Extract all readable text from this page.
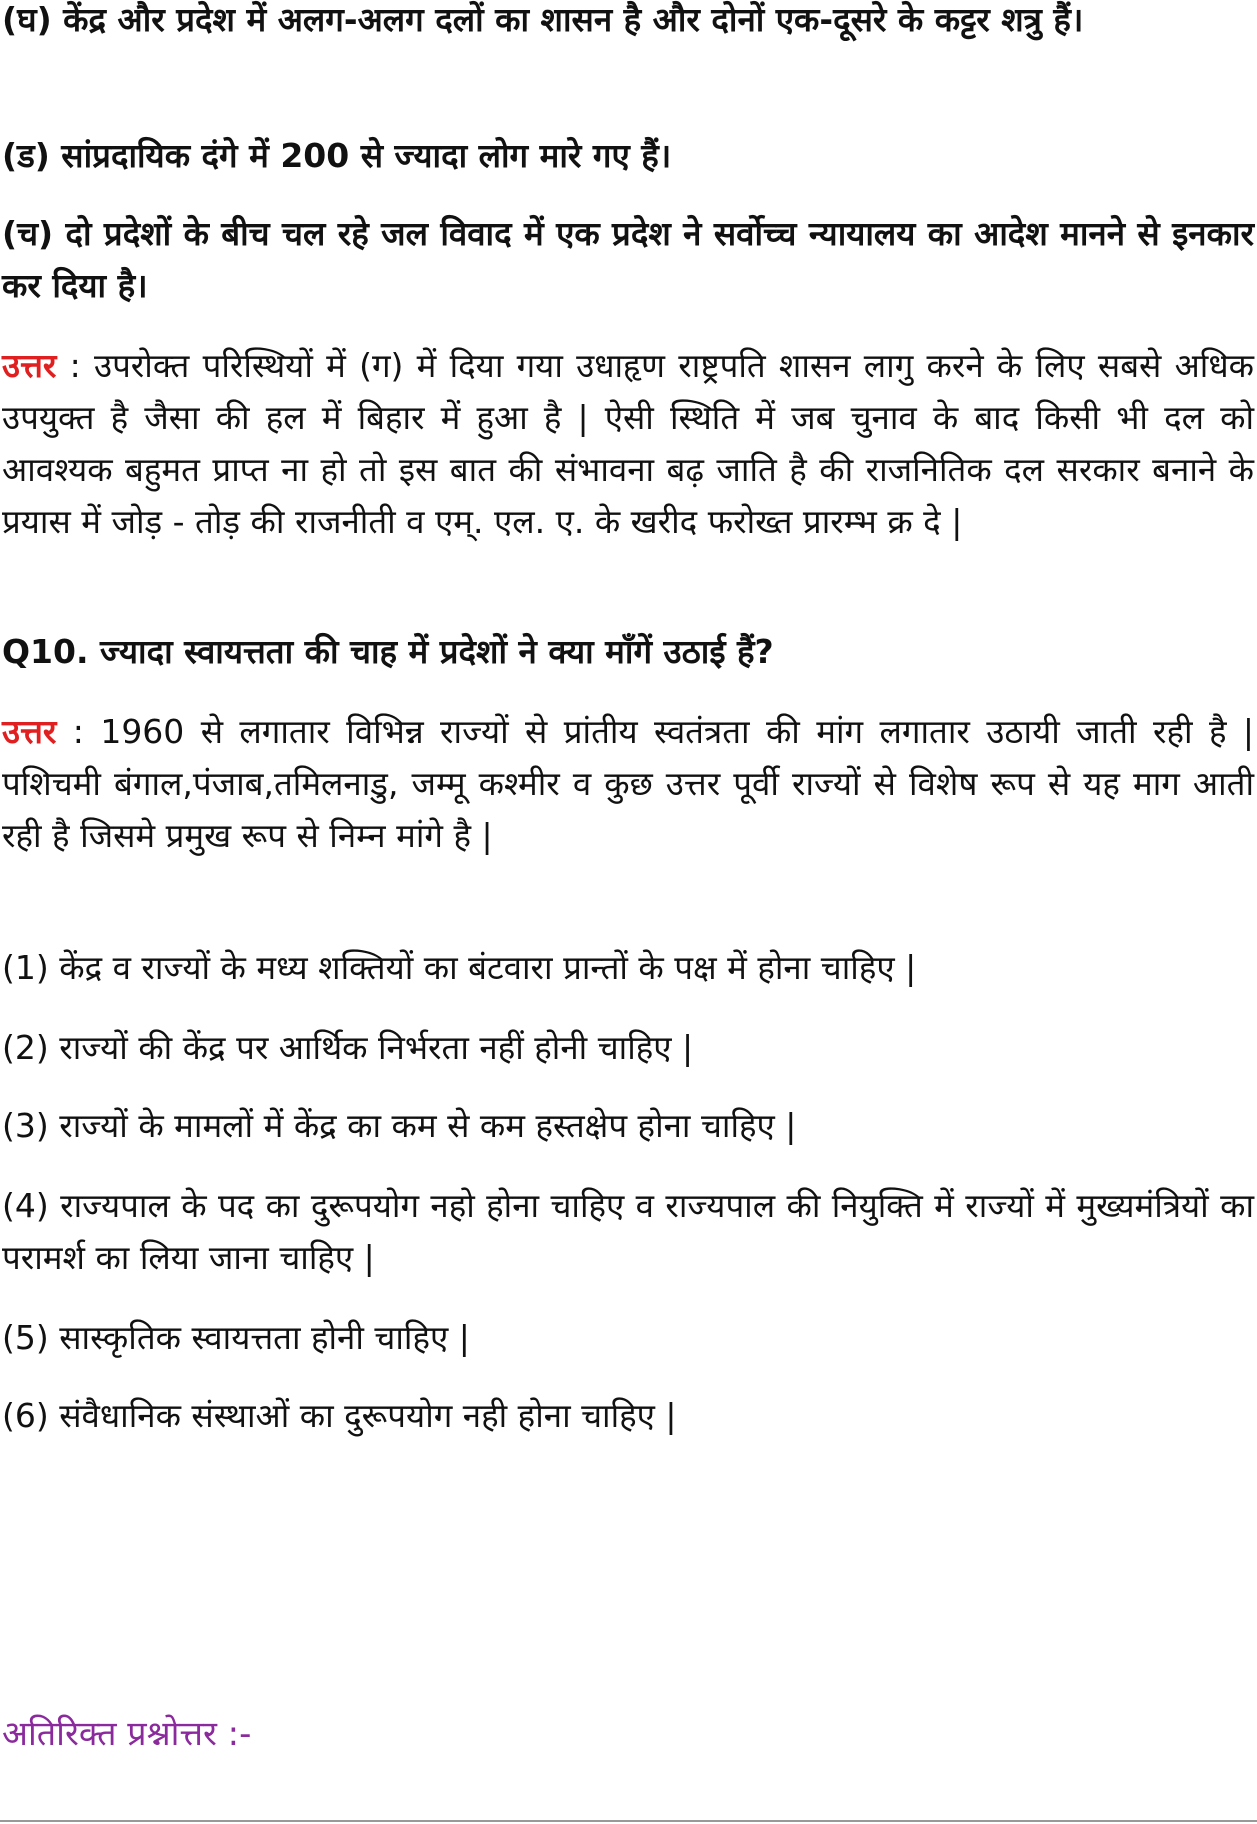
(घ) केंद्र और प्रदेश में अलग-अलग दलों का शासन है और दोनों एक-दूसरे के कट्टर शत्रु हैं।

(ड) सांप्रदायिक दंगे में 200 से ज्यादा लोग मारे गए हैं।

(च) दो प्रदेशों के बीच चल रहे जल विवाद में एक प्रदेश ने सर्वोच्च न्यायालय का आदेश मानने से इनकार कर दिया है।

उत्तर : उपरोक्त परिस्थियों में (ग) में दिया गया उधाहृण राष्ट्रपति शासन लागु करने के लिए सबसे अधिक उपयुक्त है जैसा की हल में बिहार में हुआ है | ऐसी स्थिति में जब चुनाव के बाद किसी भी दल को आवश्यक बहुमत प्राप्त ना हो तो इस बात की संभावना बढ़ जाति है की राजनितिक दल सरकार बनाने के प्रयास में जोड़ - तोड़ की राजनीती व एम्. एल. ए. के खरीद फरोख्त प्रारम्भ क्र दे |

Q10. ज्यादा स्वायत्तता की चाह में प्रदेशों ने क्या माँगें उठाई हैं?

उत्तर : 1960 से लगातार विभिन्न राज्यों से प्रांतीय स्वतंत्रता की मांग लगातार उठायी जाती रही है | पशिचमी बंगाल,पंजाब,तमिलनाडु, जम्मू कश्मीर व कुछ उत्तर पूर्वी राज्यों से विशेष रूप से यह माग आती रही है जिसमे प्रमुख रूप से निम्न मांगे है |

(1) केंद्र व राज्यों के मध्य शक्तियों का बंटवारा प्रान्तों के पक्ष में होना चाहिए |

(2) राज्यों की केंद्र पर आर्थिक निर्भरता नहीं होनी चाहिए |

(3) राज्यों के मामलों में केंद्र का कम से कम हस्तक्षेप होना चाहिए |

(4) राज्यपाल के पद का दुरूपयोग नहो होना चाहिए व राज्यपाल की नियुक्ति में राज्यों में मुख्यमंत्रियों का परामर्श का लिया जाना चाहिए |

(5) सास्कृतिक स्वायत्तता होनी चाहिए |

(6) संवैधानिक संस्थाओं का दुरूपयोग नही होना चाहिए |

अतिरिक्त प्रश्नोत्तर :-
